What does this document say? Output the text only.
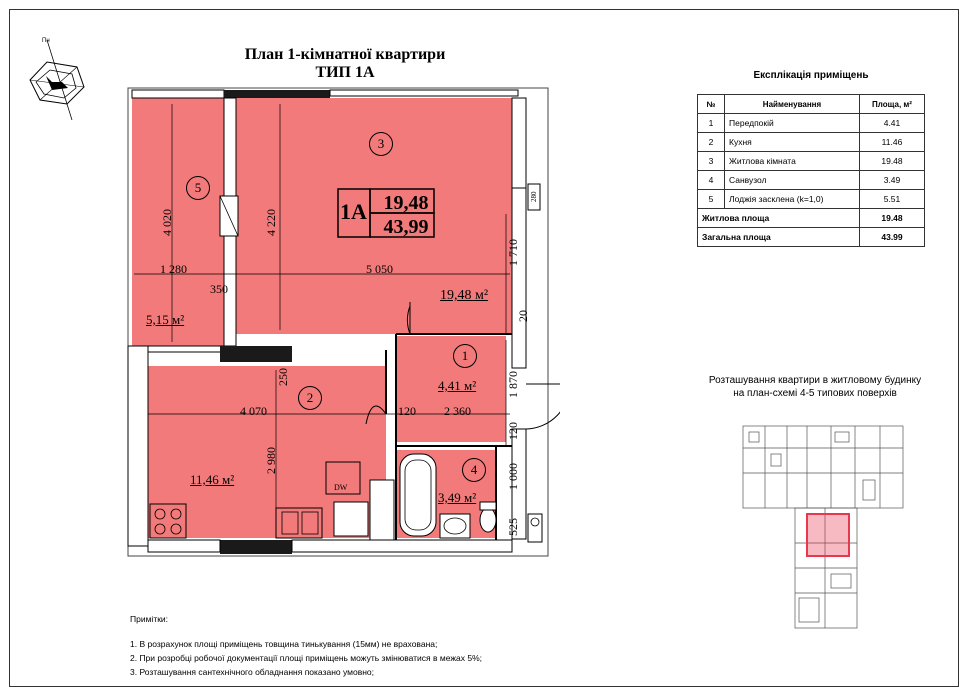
Пн
План 1-кімнатної квартири
ТИП 1А
1А 19,48
43,99
3
5
2
1
4
19,48 м²
5,15 м²
11,46 м²
4,41 м²
3,49 м²
1 280	5 050
350
4 070	120 2 360
DW
4 020	4 220
1 710
20
250	1 870
120
2 980
1 000
525
280
Експлікація приміщень
№	Найменування	Площа, м²
1	Передпокій	4.41
2	Кухня	11.46
3	Житлова кімната	19.48
4	Санвузол	3.49
5	Лоджія засклена (k=1,0)	5.51
Житлова площа		19.48
Загальна площа		43.99
Розташування квартири в житловому будинку
на план-схемі 4-5 типових поверхів
Примітки:
1. В розрахунок площі приміщень товщина тинькування (15мм) не врахована;
2. При розробці робочої документації площі приміщень можуть змінюватися в межах 5%;
3. Розташування сантехнічного обладнання показано умовно;
